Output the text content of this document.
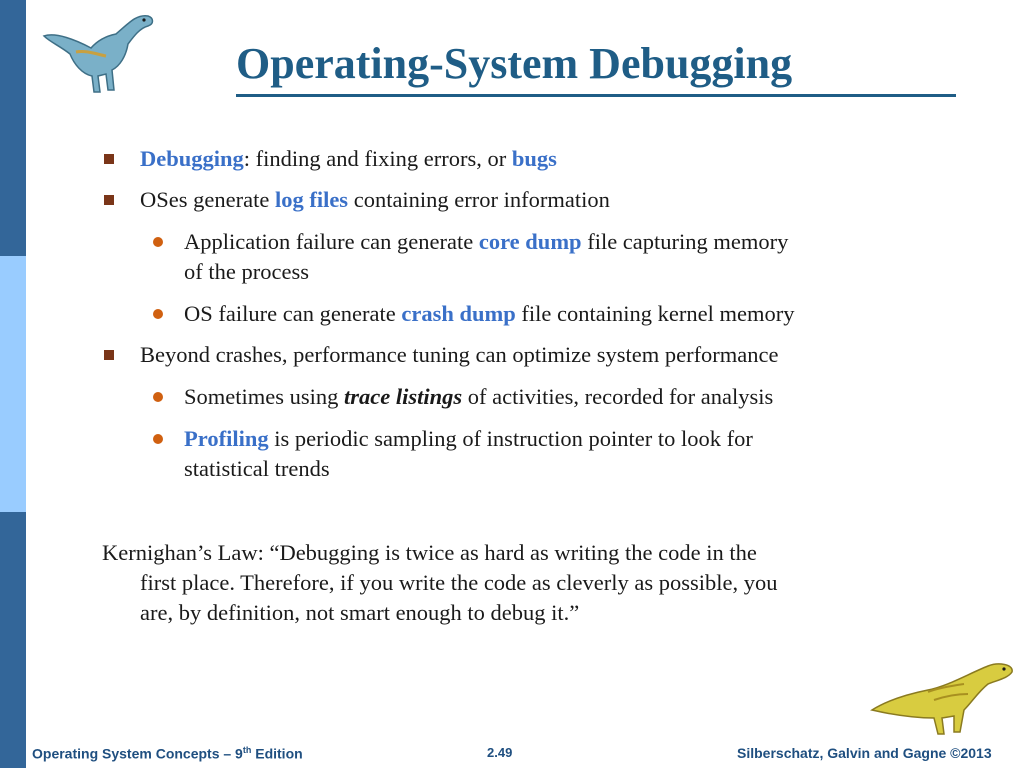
Operating-System Debugging
Debugging: finding and fixing errors, or bugs
OSes generate log files containing error information
Application failure can generate core dump file capturing memory
of the process
OS failure can generate crash dump file containing kernel memory
Beyond crashes, performance tuning can optimize system performance
Sometimes using trace listings of activities, recorded for analysis
Profiling is periodic sampling of instruction pointer to look for
statistical trends
Kernighan’s Law: “Debugging is twice as hard as writing the code in the
first place. Therefore, if you write the code as cleverly as possible, you
are, by definition, not smart enough to debug it.”
Operating System Concepts – 9th Edition	2.49	Silberschatz, Galvin and Gagne ©2013
